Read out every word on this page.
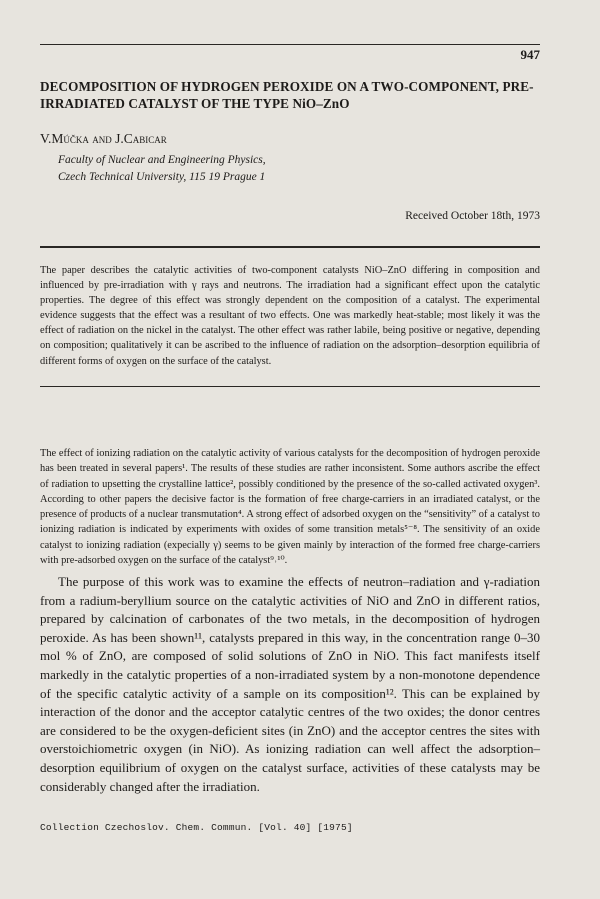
947
DECOMPOSITION OF HYDROGEN PEROXIDE ON A TWO-COMPONENT, PRE-IRRADIATED CATALYST OF THE TYPE NiO–ZnO
V.Múčka and J.Cabicar
Faculty of Nuclear and Engineering Physics,
Czech Technical University, 115 19 Prague 1
Received October 18th, 1973

The paper describes the catalytic activities of two-component catalysts NiO–ZnO differing in composition and influenced by pre-irradiation with γ rays and neutrons. The irradiation had a significant effect upon the catalytic properties. The degree of this effect was strongly dependent on the composition of a catalyst. The experimental evidence suggests that the effect was a resultant of two effects. One was markedly heat-stable; most likely it was the effect of radiation on the nickel in the catalyst. The other effect was rather labile, being positive or negative, depending on composition; qualitatively it can be ascribed to the influence of radiation on the adsorption–desorption equilibria of different forms of oxygen on the surface of the catalyst.

The effect of ionizing radiation on the catalytic activity of various catalysts for the decomposition of hydrogen peroxide has been treated in several papers¹. The results of these studies are rather inconsistent. Some authors ascribe the effect of radiation to upsetting the crystalline lattice², possibly conditioned by the presence of the so-called activated oxygen³. According to other papers the decisive factor is the formation of free charge-carriers in an irradiated catalyst, or the presence of products of a nuclear transmutation⁴. A strong effect of adsorbed oxygen on the “sensitivity” of a catalyst to ionizing radiation is indicated by experiments with oxides of some transition metals⁵⁻⁸. The sensitivity of an oxide catalyst to ionizing radiation (expecially γ) seems to be given mainly by interaction of the formed free charge-carriers with pre-adsorbed oxygen on the surface of the catalyst⁹˒¹⁰.

The purpose of this work was to examine the effects of neutron–radiation and γ-radiation from a radium-beryllium source on the catalytic activities of NiO and ZnO in different ratios, prepared by calcination of carbonates of the two metals, in the decomposition of hydrogen peroxide. As has been shown¹¹, catalysts prepared in this way, in the concentration range 0–30 mol % of ZnO, are composed of solid solutions of ZnO in NiO. This fact manifests itself markedly in the catalytic properties of a non-irradiated system by a non-monotone dependence of the specific catalytic activity of a sample on its composition¹². This can be explained by interaction of the donor and the acceptor catalytic centres of the two oxides; the donor centres are considered to be the oxygen-deficient sites (in ZnO) and the acceptor centres the sites with overstoichiometric oxygen (in NiO). As ionizing radiation can well affect the adsorption–desorption equilibrium of oxygen on the catalyst surface, activities of these catalysts may be considerably changed after the irradiation.

Collection Czechoslov. Chem. Commun. [Vol. 40] [1975]
